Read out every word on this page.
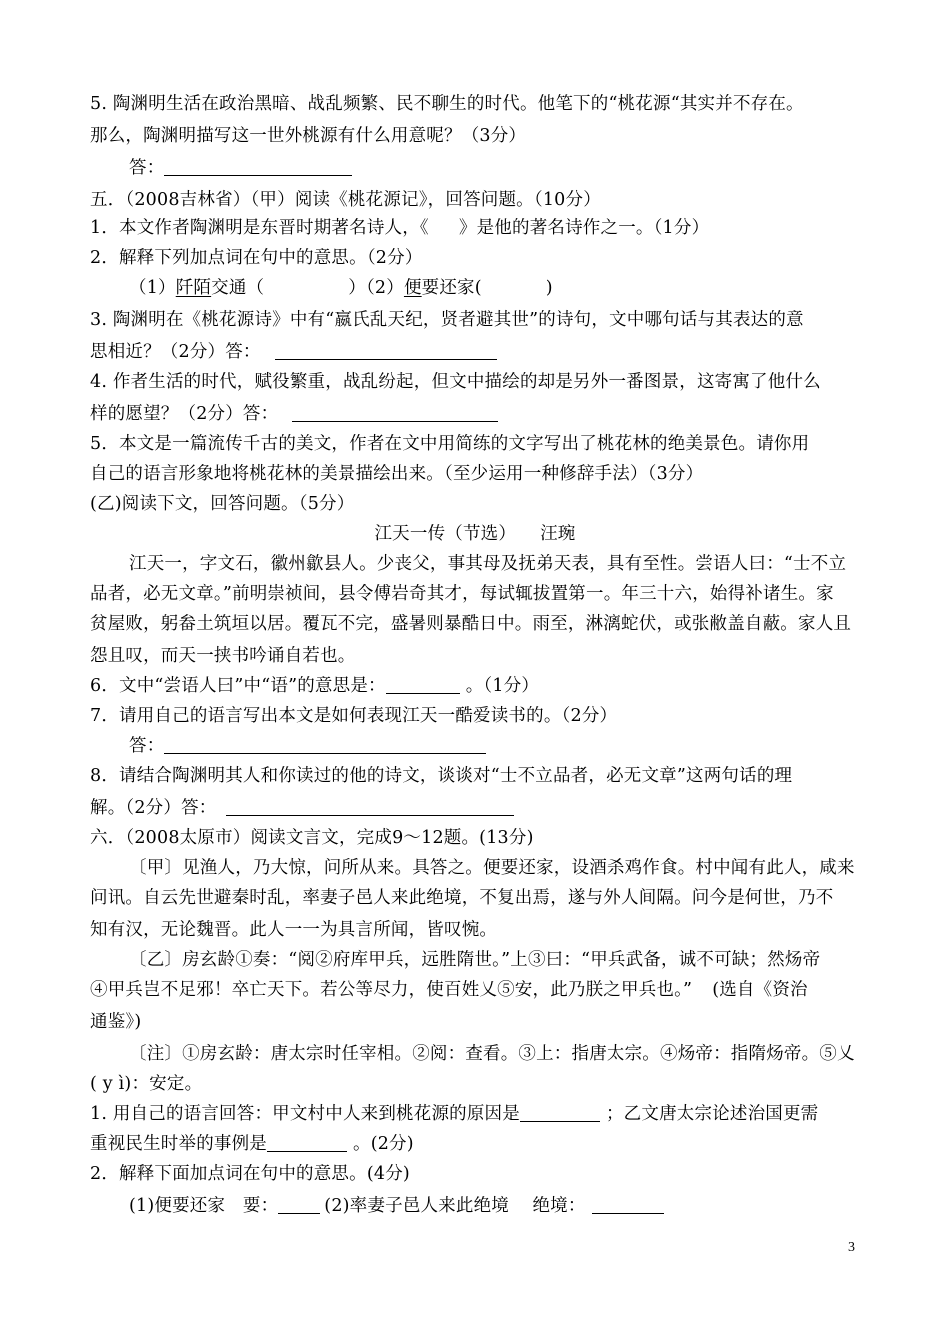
5. 陶渊明生活在政治黑暗、战乱频繁、民不聊生的时代。他笔下的“桃花源“其实并不存在。
那么，陶渊明描写这一世外桃源有什么用意呢？（3分）
答：
五．（2008吉林省）（甲）阅读《桃花源记》，回答问题。（10分）
1．本文作者陶渊明是东晋时期著名诗人，《 》是他的著名诗作之一。（1分）
2．解释下列加点词在句中的意思。（2分）
（1）阡陌交通（	）（2）便要还家(	)
3. 陶渊明在《桃花源诗》中有“嬴氏乱天纪，贤者避其世”的诗句，文中哪句话与其表达的意
思相近？（2分）答：
4. 作者生活的时代，赋役繁重，战乱纷起，但文中描绘的却是另外一番图景，这寄寓了他什么
样的愿望？（2分）答：
5．本文是一篇流传千古的美文，作者在文中用简练的文字写出了桃花林的绝美景色。请你用
自己的语言形象地将桃花林的美景描绘出来。（至少运用一种修辞手法）（3分）
(乙)阅读下文，回答问题。（5分）
江天一传（节选） 汪琬
江天一，字文石，徽州歙县人。少丧父，事其母及抚弟天表，具有至性。尝语人曰：“士不立
品者，必无文章。”前明崇祯间，县令傅岩奇其才，每试辄拔置第一。年三十六，始得补诸生。家
贫屋败，躬畚土筑垣以居。覆瓦不完，盛暑则暴酷日中。雨至，淋漓蛇伏，或张敝盖自蔽。家人且
怨且叹，而天一挟书吟诵自若也。
6．文中“尝语人曰”中“语”的意思是：	。（1分）
7．请用自己的语言写出本文是如何表现江天一酷爱读书的。（2分）
答：
8．请结合陶渊明其人和你读过的他的诗文，谈谈对“士不立品者，必无文章”这两句话的理
解。（2分）答：
六．（2008太原市）阅读文言文，完成9～12题。(13分)
〔甲〕见渔人，乃大惊，问所从来。具答之。便要还家，设酒杀鸡作食。村中闻有此人，咸来
问讯。自云先世避秦时乱，率妻子邑人来此绝境，不复出焉，遂与外人间隔。问今是何世，乃不
知有汉，无论魏晋。此人一一为具言所闻，皆叹惋。
〔乙〕房玄龄①奏：“阅②府库甲兵，远胜隋世。”上③曰：“甲兵武备，诚不可缺；然炀帝
④甲兵岂不足邪！卒亡天下。若公等尽力，使百姓乂⑤安，此乃朕之甲兵也。” (选自《资治
通鉴》)
〔注〕①房玄龄：唐太宗时任宰相。②阅：查看。③上：指唐太宗。④炀帝：指隋炀帝。⑤乂
( y ì)：安定。
1. 用自己的语言回答：甲文村中人来到桃花源的原因是	；乙文唐太宗论述治国更需
重视民生时举的事例是	。(2分)
2．解释下面加点词在句中的意思。(4分)
(1)便要还家　要：	(2)率妻子邑人来此绝境　 绝境：
3
